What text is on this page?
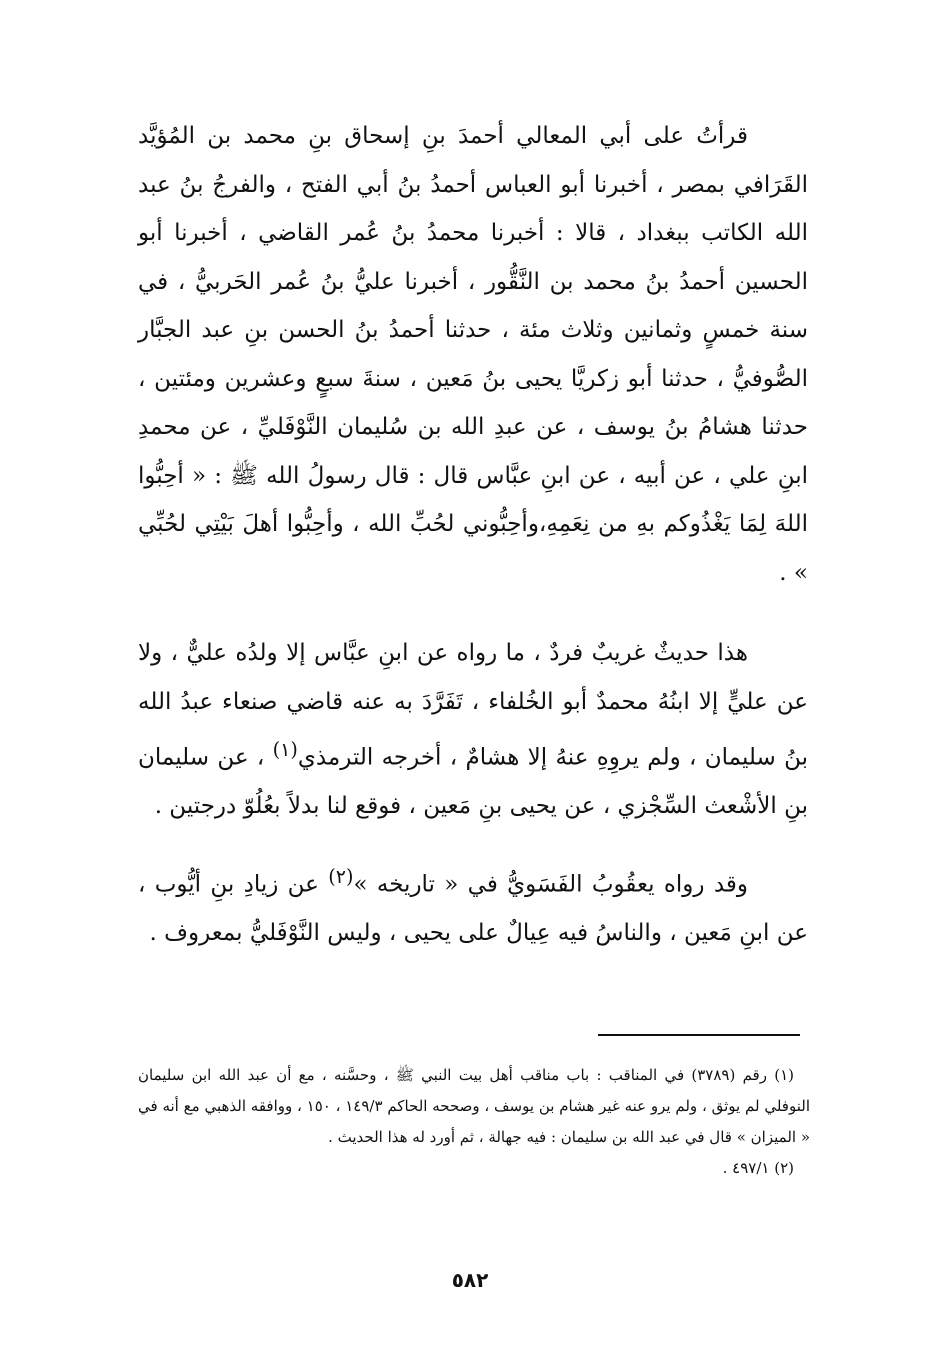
قرأتُ على أبي المعالي أحمدَ بنِ إسحاق بنِ محمد بن المُؤيَّد القَرَافي بمصر ، أخبرنا أبو العباس أحمدُ بنُ أبي الفتح ، والفرجُ بنُ عبد الله الكاتب ببغداد ، قالا : أخبرنا محمدُ بنُ عُمر القاضي ، أخبرنا أبو الحسين أحمدُ بنُ محمد بن النَّقُّور ، أخبرنا عليُّ بنُ عُمر الحَربيُّ ، في سنة خمسٍ وثمانين وثلاث مئة ، حدثنا أحمدُ بنُ الحسن بنِ عبد الجبَّار الصُّوفيُّ ، حدثنا أبو زكريَّا يحيى بنُ مَعين ، سنةَ سبعٍ وعشرين ومئتين ، حدثنا هشامُ بنُ يوسف ، عن عبدِ الله بن سُليمان النَّوْفَليِّ ، عن محمدِ ابنِ علي ، عن أبيه ، عن ابنِ عبَّاس قال : قال رسولُ الله ﷺ : « أحِبُّوا اللهَ لِمَا يَغْذُوكم بهِ من نِعَمِهِ،وأحِبُّوني لحُبِّ الله ، وأحِبُّوا أهلَ بَيْتِي لحُبِّي » .

هذا حديثٌ غريبٌ فردٌ ، ما رواه عن ابنِ عبَّاس إلا ولدُه عليٌّ ، ولا عن عليٍّ إلا ابنُهُ محمدٌ أبو الخُلفاء ، تَفَرَّدَ به عنه قاضي صنعاء عبدُ الله بنُ سليمان ، ولم يروِهِ عنهُ إلا هشامٌ ، أخرجه الترمذي$^{(١)}$ ، عن سليمان بنِ الأشْعث السِّجْزي ، عن يحيى بنِ مَعين ، فوقع لنا بدلاً بعُلُوّ درجتين .

وقد رواه يعقُوبُ الفَسَويُّ في « تاريخه »$^{(٢)}$ عن زيادِ بنِ أيُّوب ، عن ابنِ مَعين ، والناسُ فيه عِيالٌ على يحيى ، وليس النَّوْفَليُّ بمعروف .

(١) رقم (٣٧٨٩) في المناقب : باب مناقب أهل بيت النبي ﷺ ، وحسَّنه ، مع أن عبد الله ابن سليمان النوفلي لم يوثق ، ولم يرو عنه غير هشام بن يوسف ، وصححه الحاكم ١٤٩/٣ ، ١٥٠ ، ووافقه الذهبي مع أنه في « الميزان » قال في عبد الله بن سليمان : فيه جهالة ، ثم أورد له هذا الحديث .

(٢) ٤٩٧/١ .

٥٨٢
